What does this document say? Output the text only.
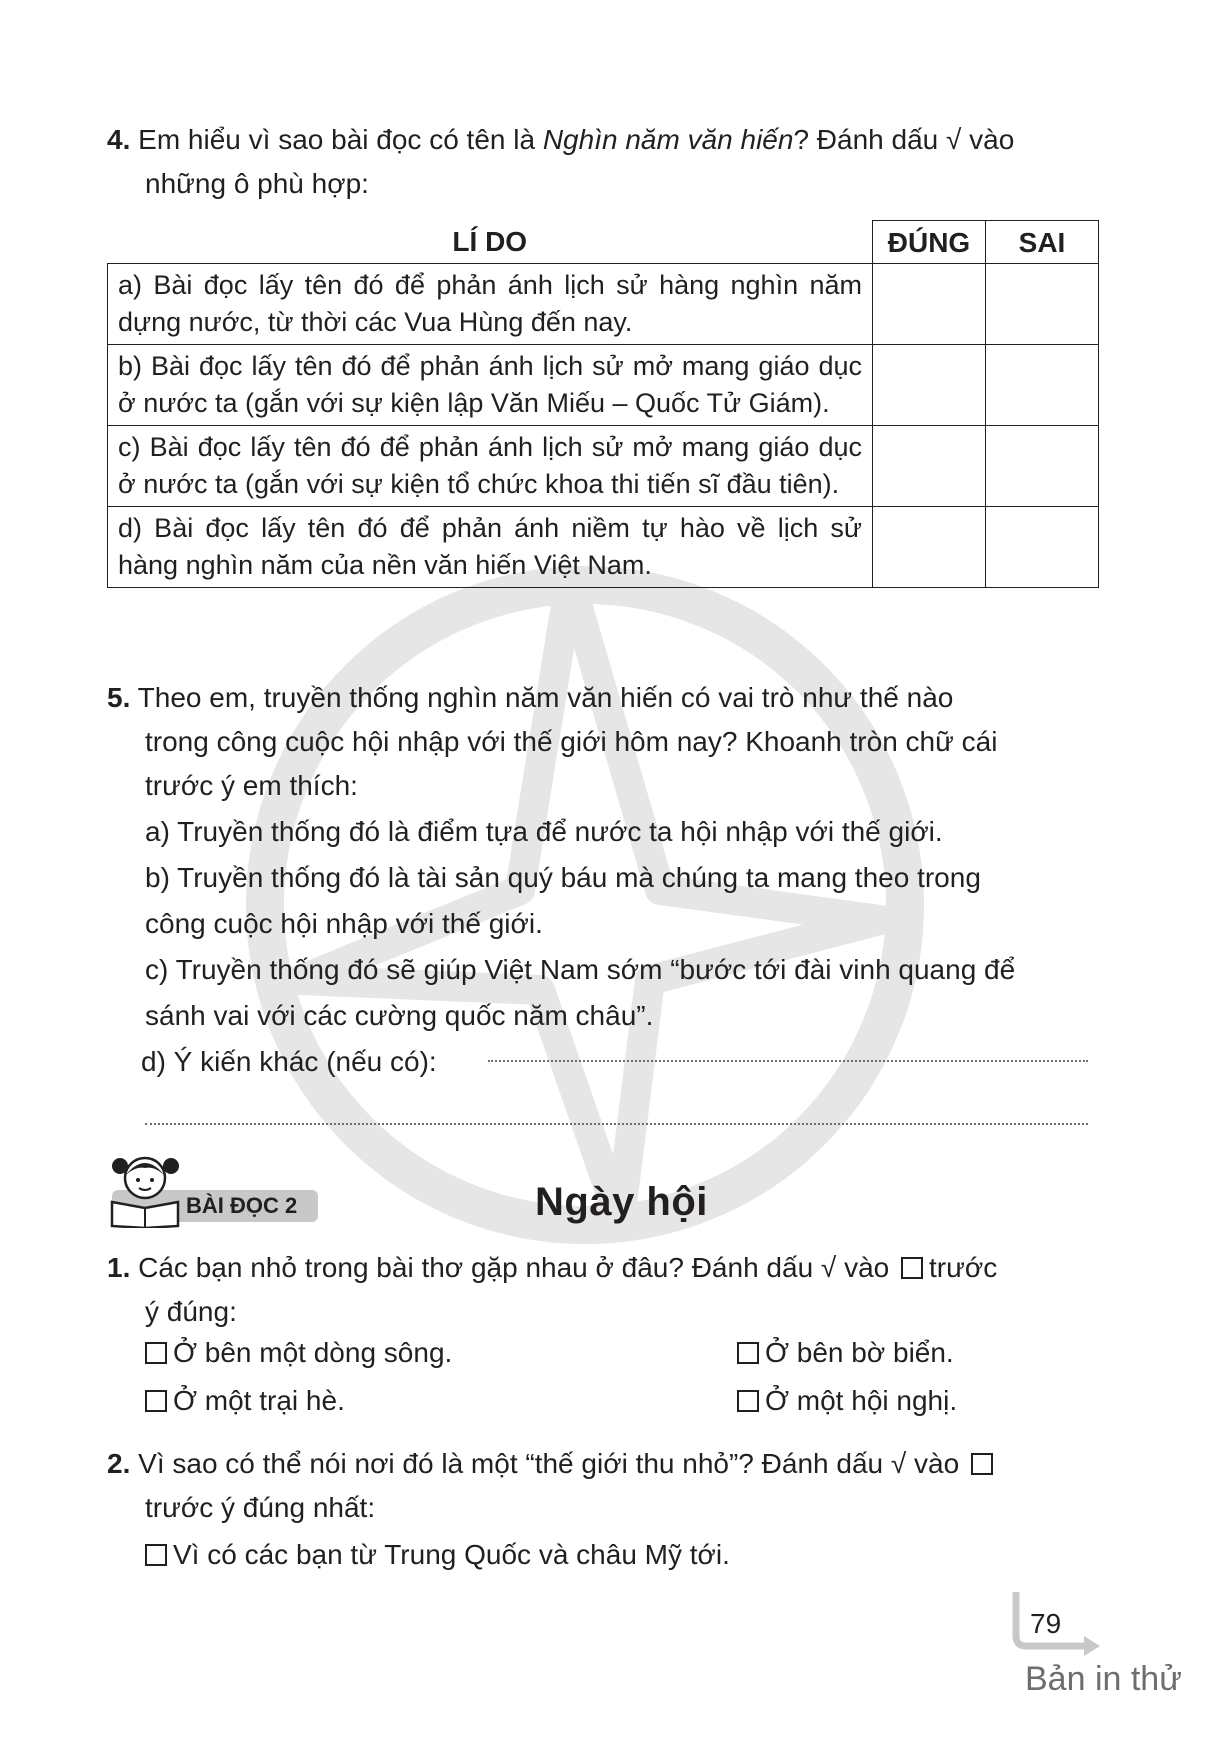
4. Em hiểu vì sao bài đọc có tên là Nghìn năm văn hiến? Đánh dấu √ vào
những ô phù hợp:
LÍ DO	ĐÚNG	SAI
a) Bài đọc lấy tên đó để phản ánh lịch sử hàng nghìn năm dựng nước, từ thời các Vua Hùng đến nay.		
b) Bài đọc lấy tên đó để phản ánh lịch sử mở mang giáo dục ở nước ta (gắn với sự kiện lập Văn Miếu – Quốc Tử Giám).		
c) Bài đọc lấy tên đó để phản ánh lịch sử mở mang giáo dục ở nước ta (gắn với sự kiện tổ chức khoa thi tiến sĩ đầu tiên).		
d) Bài đọc lấy tên đó để phản ánh niềm tự hào về lịch sử hàng nghìn năm của nền văn hiến Việt Nam.		
5. Theo em, truyền thống nghìn năm văn hiến có vai trò như thế nào
trong công cuộc hội nhập với thế giới hôm nay? Khoanh tròn chữ cái
trước ý em thích:
a) Truyền thống đó là điểm tựa để nước ta hội nhập với thế giới.
b) Truyền thống đó là tài sản quý báu mà chúng ta mang theo trong
công cuộc hội nhập với thế giới.
c) Truyền thống đó sẽ giúp Việt Nam sớm “bước tới đài vinh quang để
sánh vai với các cường quốc năm châu”.
d) Ý kiến khác (nếu có):
BÀI ĐỌC 2	Ngày hội
1. Các bạn nhỏ trong bài thơ gặp nhau ở đâu? Đánh dấu √ vào trước
ý đúng:
Ở bên một dòng sông.	Ở bên bờ biển.
Ở một trại hè.	Ở một hội nghị.
2. Vì sao có thể nói nơi đó là một “thế giới thu nhỏ”? Đánh dấu √ vào
trước ý đúng nhất:
Vì có các bạn từ Trung Quốc và châu Mỹ tới.
79
Bản in thử
